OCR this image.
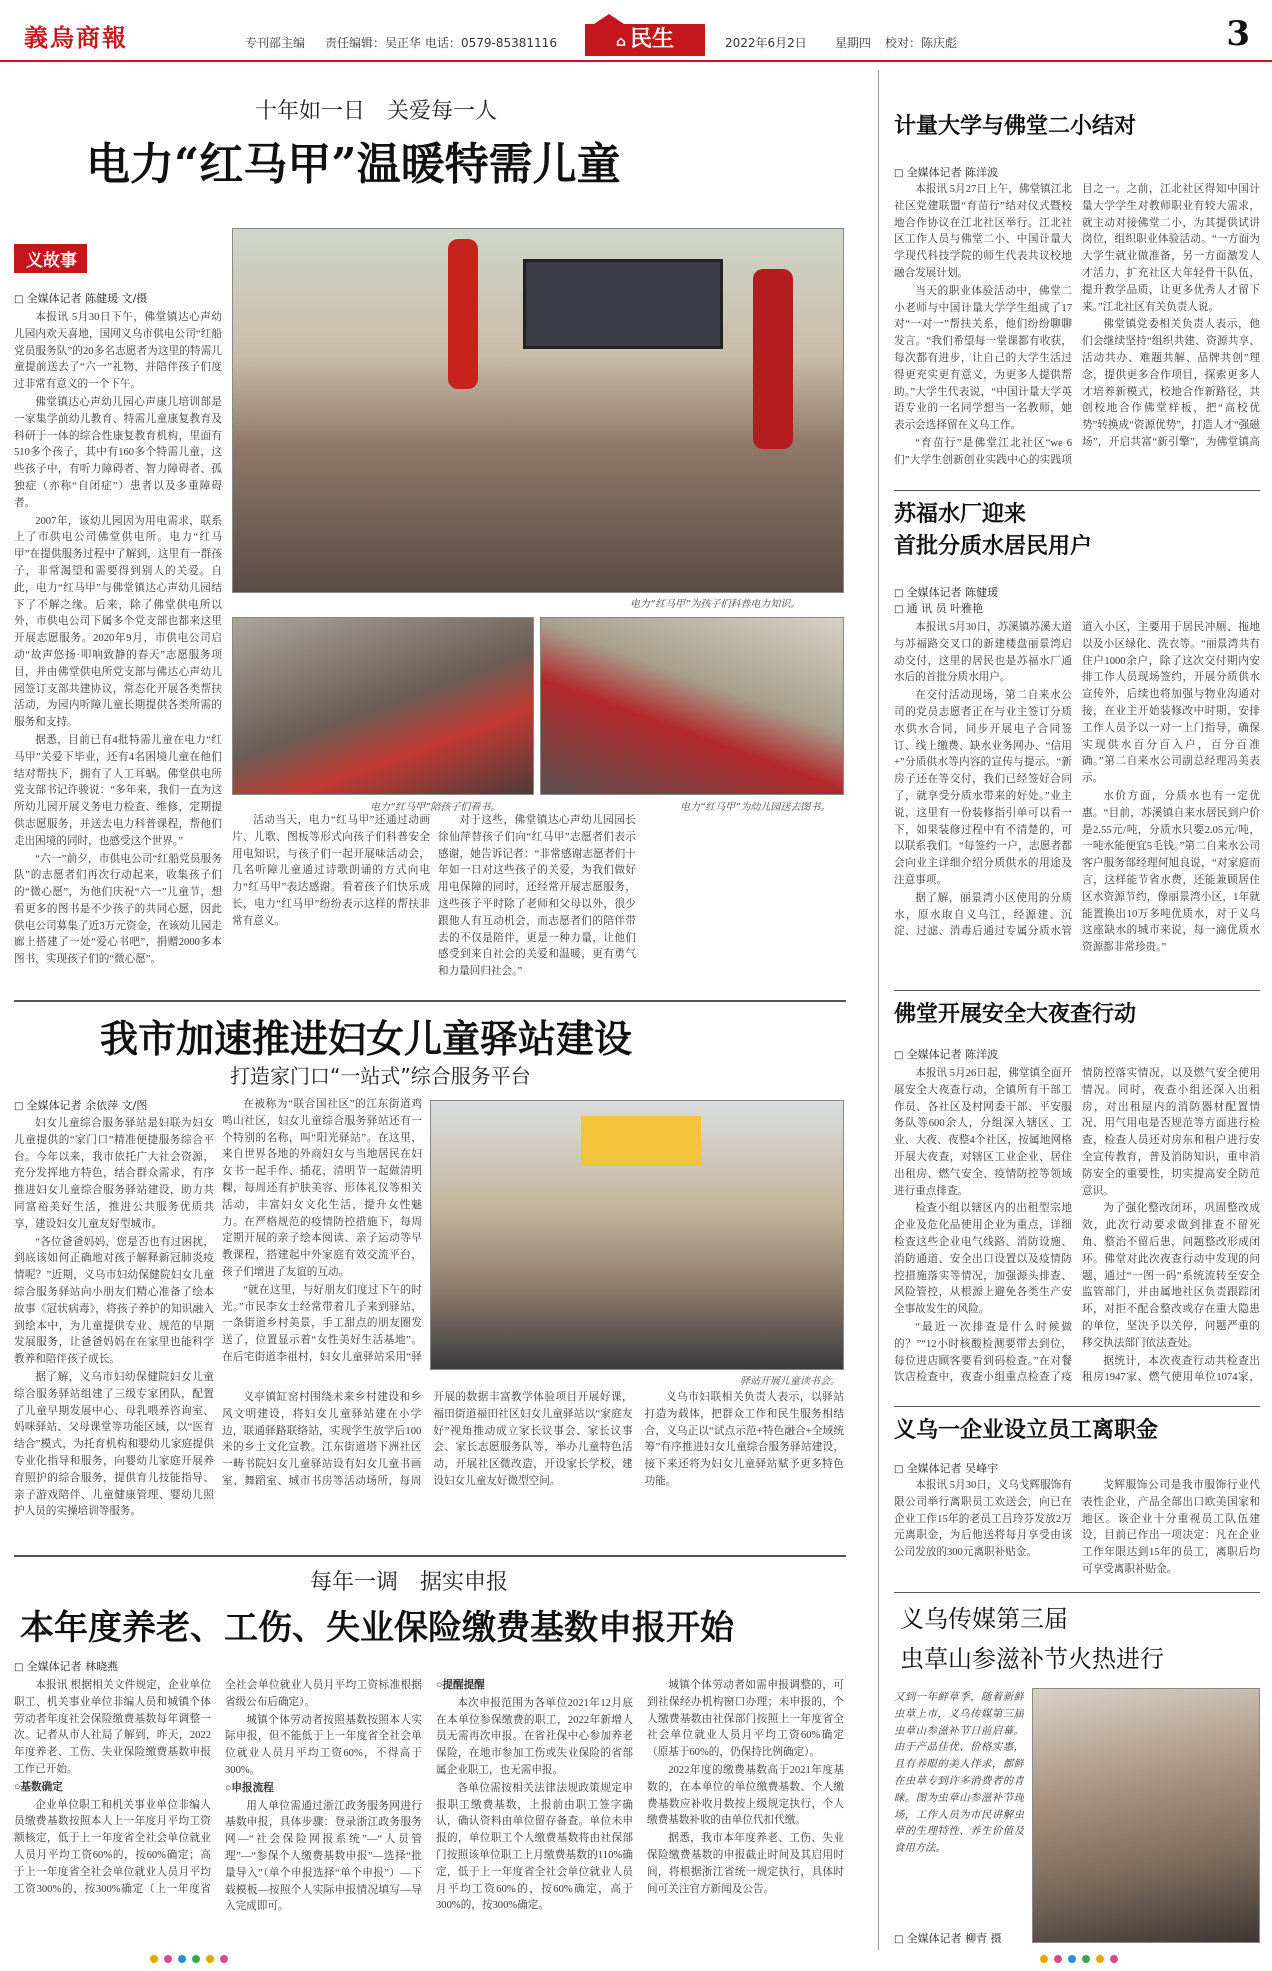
義烏商報	专刊部主编 责任编辑：吴正华 电话：0579-85381116	⌂ 民生	2022年6月2日 星期四 校对：陈庆彪	3
十年如一日　关爱每一人
电力“红马甲”温暖特需儿童
义故事
□ 全媒体记者 陈健瑗 文/摄

本报讯 5月30日下午，佛堂镇达心声幼儿园内欢天喜地，国网义乌市供电公司“红船党员服务队”的20多名志愿者为这里的特需儿童提前送去了“六一”礼物，并陪伴孩子们度过非常有意义的一个下午。

佛堂镇达心声幼儿园心声康儿培训部是一家集学前幼儿教育、特需儿童康复教育及科研于一体的综合性康复教育机构，里面有510多个孩子，其中有160多个特需儿童，这些孩子中，有听力障碍者、智力障碍者、孤独症（亦称“自闭症”）患者以及多重障碍者。

2007年，该幼儿园因为用电需求，联系上了市供电公司佛堂供电所。电力“红马甲”在提供服务过程中了解到，这里有一群孩子，非常渴望和需要得到别人的关爱。自此，电力“红马甲”与佛堂镇达心声幼儿园结下了不解之缘。后来，除了佛堂供电所以外，市供电公司下属多个党支部也都来这里开展志愿服务。2020年9月，市供电公司启动“故声悠扬·叩响致静的春天”志愿服务项目，并由佛堂供电所党支部与佛达心声幼儿园签订支部共建协议，常态化开展各类帮扶活动，为园内听障儿童长期提供各类所需的服务和支持。

据悉，目前已有4批特需儿童在电力“红马甲”关爱下毕业，还有4名困境儿童在他们结对帮扶下，拥有了人工耳蜗。佛堂供电所党支部书记许骏说：“多年来，我们一直为这所幼儿园开展义务电力检查、维修，定期提供志愿服务，并送去电力科普课程，帮他们走出困境的同时，也感受这个世界。”

“六一”前夕，市供电公司“红船党员服务队”的志愿者们再次行动起来，收集孩子们的“微心愿”，为他们庆祝“六一”儿童节，想看更多的图书是不少孩子的共同心愿，因此供电公司募集了近3万元资金，在该幼儿园走廊上搭建了一处“爱心书吧”，捐赠2000多本图书，实现孩子们的“微心愿”。

电力“红马甲”为孩子们科普电力知识。
电力“红马甲”陪孩子们看书。	电力“红马甲”为幼儿园送去图书。

活动当天，电力“红马甲”还通过动画片、儿歌、图板等形式向孩子们科普安全用电知识，与孩子们一起开展味活动会，几名听障儿童通过诗歌朗诵的方式向电力“红马甲”表达感谢。看着孩子们快乐成长，电力“红马甲”纷纷表示这样的帮扶非常有意义。

对于这些，佛堂镇达心声幼儿园园长徐仙萍替孩子们向“红马甲”志愿者们表示感谢，她告诉记者：“非常感谢志愿者们十年如一日对这些孩子的关爱，为我们做好用电保障的同时，还经常开展志愿服务，这些孩子平时除了老师和父母以外，很少跟他人有互动机会，而志愿者们的陪伴带去的不仅是陪伴，更是一种力量，让他们感受到来自社会的关爱和温暖，更有勇气和力量回归社会。”

我市加速推进妇女儿童驿站建设
打造家门口“一站式”综合服务平台
□ 全媒体记者 余依萍 文/图

妇女儿童综合服务驿站是妇联为妇女儿童提供的“家门口”精准便捷服务综合平台。今年以来，我市依托广大社会资源，充分发挥地方特色，结合群众需求，有序推进妇女儿童综合服务驿站建设，助力共同富裕美好生活，推进公共服务优质共享，建设妇女儿童友好型城市。

“各位爸爸妈妈，您是否也有过困扰，到底该如何正确地对孩子解释新冠肺炎疫情呢？”近期，义乌市妇幼保健院妇女儿童综合服务驿站向小朋友们精心准备了绘本故事《冠状病毒》，将孩子养护的知识融入到绘本中，为儿童提供专业、规范的早期发展服务，让爸爸妈妈在在家里也能科学教养和陪伴孩子成长。

据了解，义乌市妇幼保健院妇女儿童综合服务驿站组建了三级专家团队，配置了儿童早期发展中心、母乳喂养咨询室、妈咪驿站、父母课堂等功能区域，以“医育结合”模式，为托育机构和婴幼儿家庭提供专业化指导和服务，向婴幼儿家庭开展养育照护的综合服务，提供育儿技能指导、亲子游戏陪伴、儿童健康管理、婴幼儿照护人员的实操培训等服务。

在被称为“联合国社区”的江东街道鸡鸣山社区，妇女儿童综合服务驿站还有一个特别的名称，叫“阳光驿站”。在这里，来自世界各地的外商妇女与当地居民在妇女书一起手作、插花，清明节一起做清明粿，每周还有护肤美容、形体礼仪等相关活动，丰富妇女文化生活，提升女性魅力。在严格规范的疫情防控措施下，每周定期开展的亲子绘本阅读、亲子运动等早教课程，搭建起中外家庭有效交流平台，孩子们增进了友谊的互动。

“就在这里，与好朋友们度过下午的时光。”市民李女士经常带着儿子来到驿站，一条街道乡村美景，手工甜点的朋友圈发送了，位置显示着“女性美好生活基地”。在后宅街道李祖村，妇女儿童驿站采用“驿

驿站开展儿童读书会。

义亭镇缸窑村围绕未来乡村建设和乡风文明建设，将妇女儿童驿站建在小学边，联通驿路联络站，实现学生放学后100米的乡土文化宣教。江东街道塔下洲社区一畴书院妇女儿童驿站设有妇女儿童书画室、舞蹈室、城市书房等活动场所，每周开展的数据丰富教学体验项目开展好课，福田街道福田社区妇女儿童驿站以“家庭友好”视角推动成立家长议事会、家长议事会、家长志愿服务队等，举办儿童特色活动，开展社区微改造，开设家长学校，建设妇女儿童友好微型空间。

义乌市妇联相关负责人表示，以驿站打造为载体，把群众工作和民生服务相结合，义乌正以“试点示范+特色融合+全域统筹”有序推进妇女儿童综合服务驿站建设，接下来还将为妇女儿童驿站赋予更多特色功能。

每年一调　据实申报
本年度养老、工伤、失业保险缴费基数申报开始
□ 全媒体记者 林晓燕

本报讯 根据相关文件规定，企业单位职工、机关事业单位非编人员和城镇个体劳动者年度社会保险缴费基数每年调整一次。记者从市人社局了解到，昨天，2022年度养老、工伤、失业保险缴费基数申报工作已开始。

○基数确定

企业单位职工和机关事业单位非编人员缴费基数按照本人上一年度月平均工资额核定，低于上一年度省全社会单位就业人员月平均工资60%的，按60%确定；高于上一年度省全社会单位就业人员月平均工资300%的，按300%确定（上一年度省全社会单位就业人员月平均工资标准根据省级公布后确定）。

城镇个体劳动者按照基数按照本人实际申报，但不能低于上一年度省全社会单位就业人员月平均工资60%，不得高于300%。

○申报流程

用人单位需通过浙江政务服务网进行基数申报，具体步骤：登录浙江政务服务网—“社会保险网报系统”—“人员管理”—“参保个人缴费基数申报”—选择“批量导入”（单个申报选择“单个申报”）—下载模板—按照个人实际申报情况填写—导入完成即可。

○提醒提醒

本次申报范围为各单位2021年12月底在本单位参保缴费的职工，2022年新增人员无需再次申报。在省社保中心参加养老保险，在地市参加工伤或失业保险的省部属企业职工，也无需申报。

各单位需按相关法律法规政策规定申报职工缴费基数，上报前由职工签字确认，确认资料由单位留存备查。单位未申报的，单位职工个人缴费基数将由社保部门按照该单位职工上月缴费基数的110%确定，低于上一年度省全社会单位就业人员月平均工资60%的，按60%确定，高于300%的，按300%确定。

城镇个体劳动者如需申报调整的，可到社保经办机构窗口办理；未申报的，个人缴费基数由社保部门按照上一年度省全社会单位就业人员月平均工资60%确定（原基于60%的，仍保持比例确定）。

2022年度的缴费基数高于2021年度基数的，在本单位的单位缴费基数、个人缴费基数应补收月数按上级规定执行，个人缴费基数补收的由单位代扣代缴。

据悉，我市本年度养老、工伤、失业保险缴费基数的申报截止时间及其启用时间，将根据浙江省统一规定执行，具体时间可关注官方新闻及公告。

计量大学与佛堂二小结对
□ 全媒体记者 陈洋波

本报讯 5月27日上午，佛堂镇江北社区党建联盟“育苗行”结对仪式暨校地合作协议在江北社区举行。江北社区工作人员与佛堂二小、中国计量大学现代科技学院的师生代表共议校地融合发展计划。

当天的职业体验活动中，佛堂二小老师与中国计量大学学生组成了17对“一对一”帮扶关系，他们纷纷聊聊发言。“我们希望每一堂课都有收获，每次都有进步，让自己的大学生活过得更充实更有意义，为更多人提供帮助。”大学生代表说，“中国计量大学英语专业的一名同学想当一名教师，她表示会选择留在义乌工作。

“育苗行”是佛堂江北社区“we 6们”大学生创新创业实践中心的实践项目之一。之前，江北社区得知中国计量大学学生对教师职业有较大需求，就主动对接佛堂二小，为其提供试讲岗位，组织职业体验活动。“一方面为大学生就业做准备，另一方面激发人才活力，扩充社区大年轻骨干队伍，提升教学品质，让更多优秀人才留下来。”江北社区有关负责人说。

佛堂镇党委相关负责人表示，他们会继续坚持“组织共建、资源共享、活动共办、难题共解、品牌共创”理念，提供更多合作项目，探索更多人才培养新模式，校地合作新路径，共创校地合作佛堂样板，把“高校优势”转换成“资源优势”，打造人才“强磁场”，开启共富“新引擎”，为佛堂镇高

苏福水厂迎来
首批分质水居民用户
□ 全媒体记者 陈健瑗
□ 通 讯 员 叶雅艳

本报讯 5月30日，苏溪镇苏溪大道与苏福路交叉口的新建楼盘丽景湾启动交付，这里的居民也是苏福水厂通水后的首批分质水用户。

在交付活动现场，第二自来水公司的党员志愿者正在与业主签订分质水供水合同，同步开展电子合同签订、线上缴费、缺水业务网办、“信用+”分质供水等内容的宣传与提示。“新房子还在等交付，我们已经签好合同了，就享受分质水带来的好处。”业主说，这里有一份装修指引单可以看一下，如果装修过程中有不清楚的，可以联系我们。“每签约一户，志愿者都会向业主详细介绍分质供水的用途及注意事项。

据了解，丽景湾小区使用的分质水，原水取自义乌江，经源建、沉淀、过滤、消毒后通过专属分质水管道入小区，主要用于居民冲厕、拖地以及小区绿化、洗衣等。“丽景湾共有住户1000余户，除了这次交付期内安排工作人员现场签约，开展分质供水宣传外，后续也将加强与物业沟通对接，在业主开始装修改中时期，安排工作人员予以一对一上门指导，确保实现供水百分百入户，百分百准确。”第二自来水公司副总经理冯美表示。

水价方面，分质水也有一定优惠。“目前，苏溪镇自来水居民到户价是2.55元/吨，分质水只要2.05元/吨，一吨水能便宜5毛钱。”第二自来水公司客户服务部经理何旭良说，“对家庭而言，这样能节省水费，还能兼顾居住区水资源节约，像丽景湾小区，1年就能置换出10万多吨优质水，对于义乌这座缺水的城市来说，每一滴优质水资源都非常珍贵。”

佛堂开展安全大夜查行动
□ 全媒体记者 陈洋波

本报讯 5月26日起，佛堂镇全面开展安全大夜查行动，全镇所有干部工作员、各社区及村网委干部、平安服务队等600余人，分组深入辖区、工业、大夜、夜整4个社区，按属地网格开展大夜查，对辖区工业企业、居住出租房、燃气安全、疫情防控等领域进行重点排查。

检查小组以辖区内的出租型宗地企业及危化品使用企业为重点，详细检查这些企业电气线路、消防设施、消防通道、安全出口设置以及疫情防控措施落实等情况，加强源头排查、风险管控，从根源上避免各类生产安全事故发生的风险。

“最近一次排查是什么时候做的？”“12小时核酸检测要带去到位，每位进店顾客要看到码检查。”在对餐饮店检查中，夜查小组重点检查了疫情防控落实情况，以及燃气安全使用情况。同时，夜查小组还深入出租房，对出租屋内的消防器材配置情况、用气用电是否规范等方面进行检查，检查人员还对房东和租户进行安全宣传教育，普及消防知识，重申消防安全的重要性，切实提高安全防范意识。

为了强化整改闭环，巩固整改成效，此次行动要求做到排查不留死角、整治不留后患，问题整改形成闭环。佛堂对此次夜查行动中发现的问题，通过“一图一码”系统流转至安全监管部门，并由属地社区负责跟踪闭环，对拒不配合整改或存在重大隐患的单位，坚决予以关停，问题严重的移交执法部门依法查处。

据统计，本次夜查行动共检查出租房1947家、燃气使用单位1074家，

义乌一企业设立员工离职金
□ 全媒体记者 吴峰宇

本报讯 5月30日，义乌戈辉服饰有限公司举行离职员工欢送会，向已在企业工作15年的老员工吕玲芬发放2万元离职金，为后他送将每月享受由该公司发放的300元离职补贴金。

戈辉服饰公司是我市服饰行业代表性企业，产品全部出口欧美国家和地区。该企业十分重视员工队伍建设，目前已作出一项决定：凡在企业工作年限达到15年的员工，离职后均可享受离职补贴金。

义乌传媒第三届
虫草山参滋补节火热进行
又到一年鲜草季，随着新鲜虫草上市，义乌传媒第三届虫草山参滋补节日前启幕。由于产品佳优、价格实惠，且有养眼的美人伴求，都鲜在虫草专到许多消费者的青睐。图为虫草山参滋补节现场，工作人员为市民讲解虫草的生理特性、养生价值及食用方法。
□ 全媒体记者 柳青 摄
